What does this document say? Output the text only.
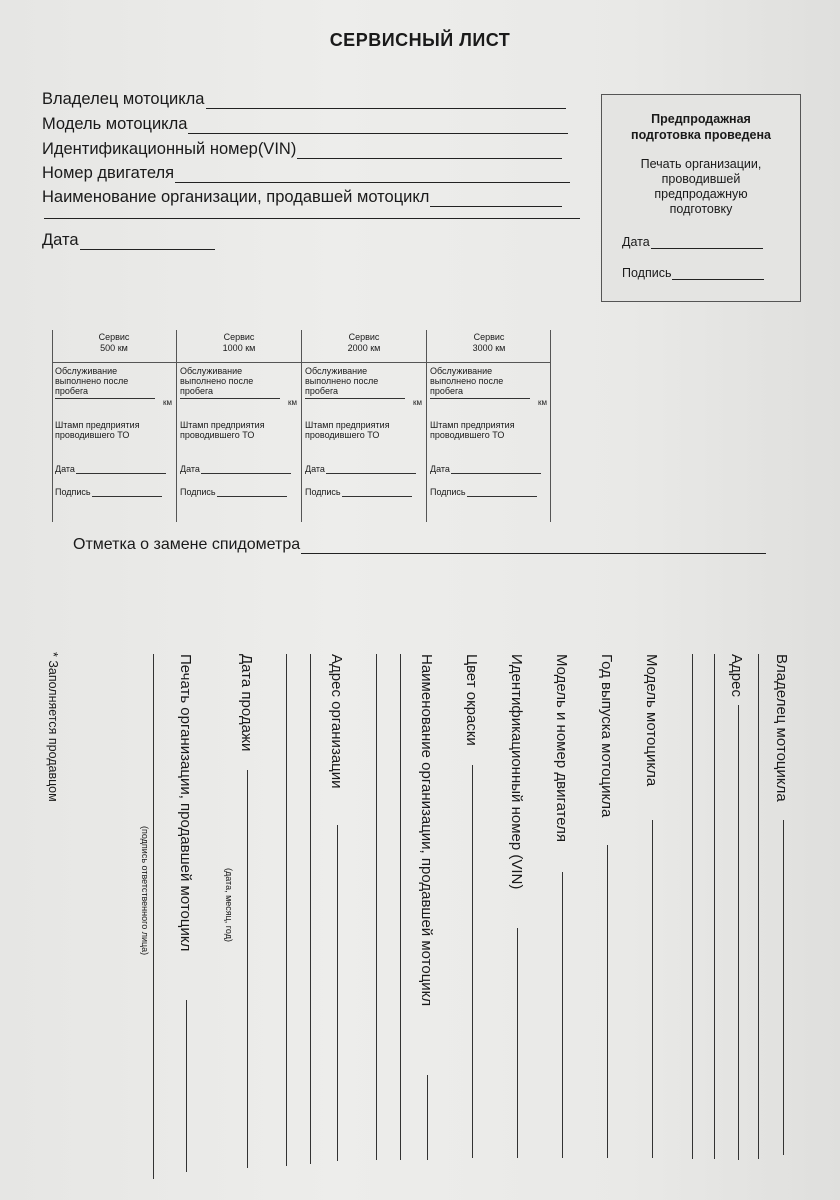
СЕРВИСНЫЙ ЛИСТ
Владелец мотоцикла
Модель мотоцикла
Идентификационный номер(VIN)
Номер двигателя
Наименование организации, продавшей мотоцикл
Дата
Предпродажная
подготовка проведена
Печать организации,
проводившей
предпродажную
подготовку
Дата
Подпись
Сервис
500 км
Обслуживание
выполнено после
пробега
км
Штамп предприятия
проводившего ТО
Дата
Подпись
Сервис
1000 км
Обслуживание
выполнено после
пробега
км
Штамп предприятия
проводившего ТО
Дата
Подпись
Сервис
2000 км
Обслуживание
выполнено после
пробега
км
Штамп предприятия
проводившего ТО
Дата
Подпись
Сервис
3000 км
Обслуживание
выполнено после
пробега
км
Штамп предприятия
проводившего ТО
Дата
Подпись
Отметка о замене спидометра
Владелец мотоцикла
Адрес
Модель мотоцикла
Год выпуска мотоцикла
Модель и номер двигателя
Идентификационный номер (VIN)
Цвет окраски
Наименование организации, продавшей мотоцикл
Адрес организации
Дата продажи
(дата, месяц, год)
Печать организации, продавшей мотоцикл
(подпись ответственного лица)
* Заполняется продавцом
